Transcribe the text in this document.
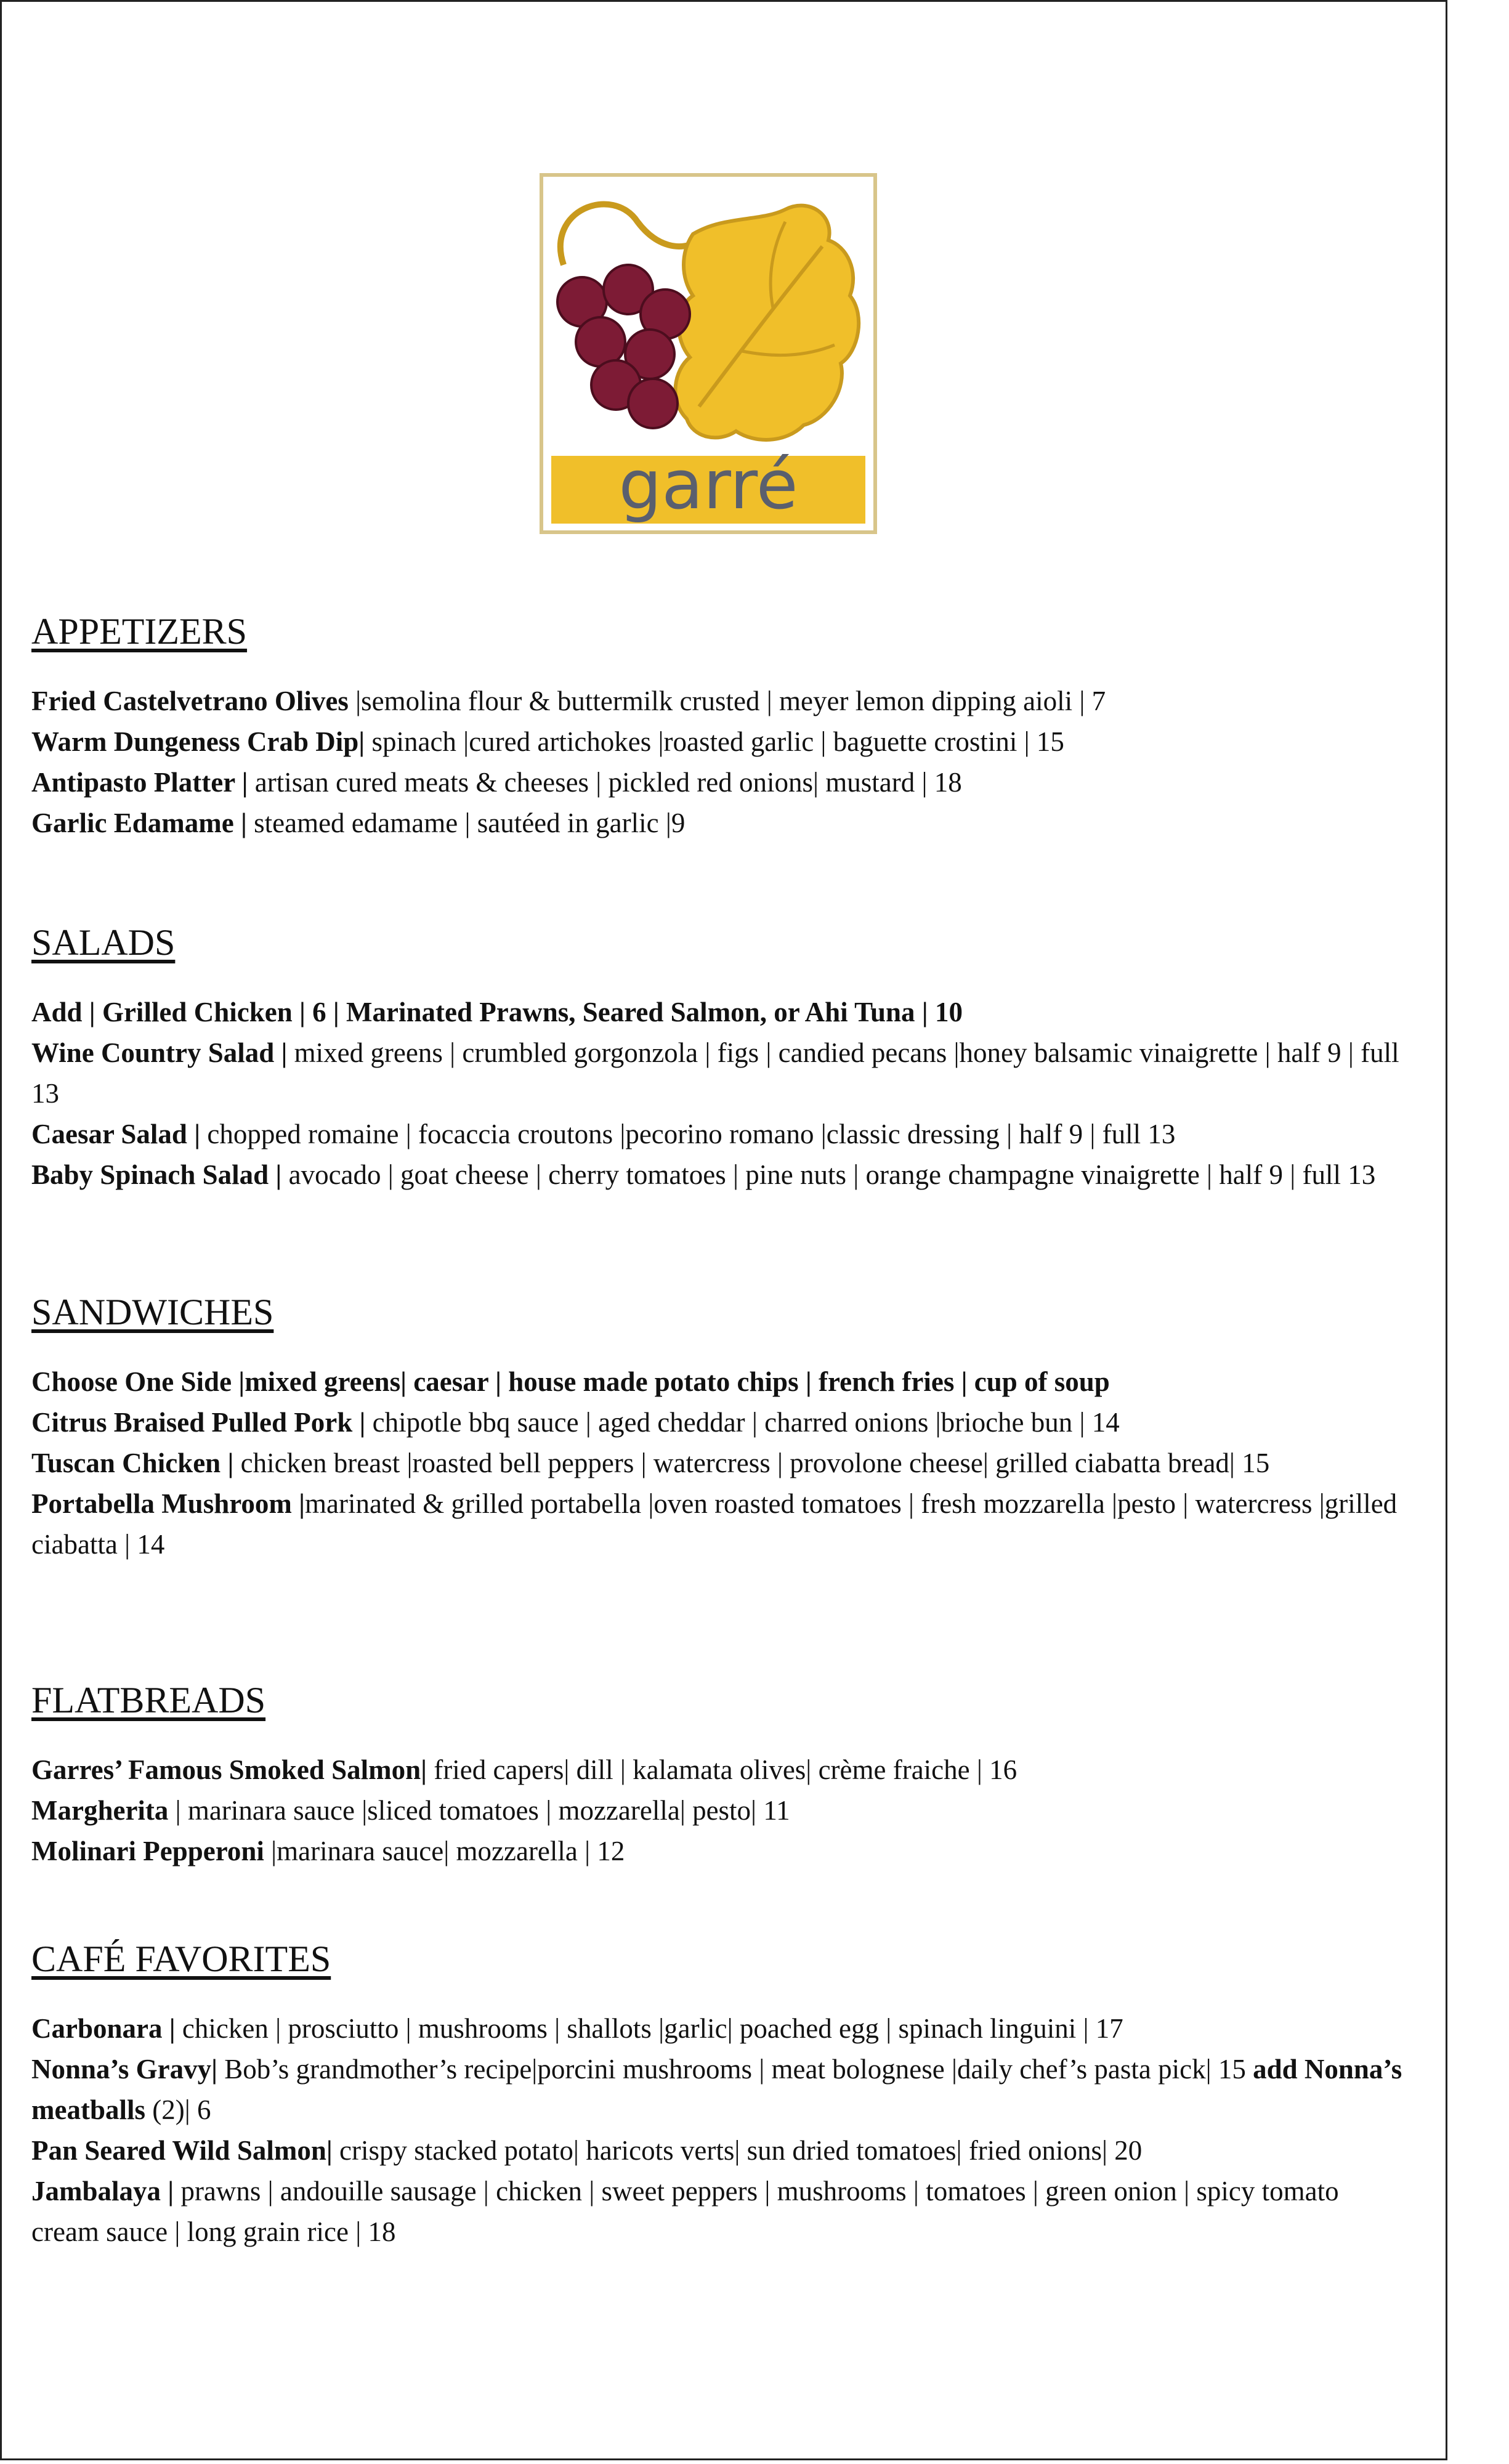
garré
APPETIZERS

Fried Castelvetrano Olives |semolina flour & buttermilk crusted | meyer lemon dipping aioli | 7

Warm Dungeness Crab Dip| spinach |cured artichokes |roasted garlic | baguette crostini | 15

Antipasto Platter | artisan cured meats & cheeses | pickled red onions| mustard | 18

Garlic Edamame | steamed edamame | sautéed in garlic |9

SALADS

Add | Grilled Chicken | 6 | Marinated Prawns, Seared Salmon, or Ahi Tuna | 10

Wine Country Salad | mixed greens | crumbled gorgonzola | figs | candied pecans |honey balsamic vinaigrette | half 9 | full 13

Caesar Salad | chopped romaine | focaccia croutons |pecorino romano |classic dressing | half 9 | full 13

Baby Spinach Salad | avocado | goat cheese | cherry tomatoes | pine nuts | orange champagne vinaigrette | half 9 | full 13

SANDWICHES

Choose One Side |mixed greens| caesar | house made potato chips | french fries | cup of soup

Citrus Braised Pulled Pork | chipotle bbq sauce | aged cheddar | charred onions |brioche bun | 14

Tuscan Chicken | chicken breast |roasted bell peppers | watercress | provolone cheese| grilled ciabatta bread| 15

Portabella Mushroom |marinated & grilled portabella |oven roasted tomatoes | fresh mozzarella |pesto | watercress |grilled ciabatta | 14

FLATBREADS

Garres’ Famous Smoked Salmon| fried capers| dill | kalamata olives| crème fraiche | 16

Margherita | marinara sauce |sliced tomatoes | mozzarella| pesto| 11

Molinari Pepperoni |marinara sauce| mozzarella | 12

CAFÉ FAVORITES

Carbonara | chicken | prosciutto | mushrooms | shallots |garlic| poached egg | spinach linguini | 17

Nonna’s Gravy| Bob’s grandmother’s recipe|porcini mushrooms | meat bolognese |daily chef’s pasta pick| 15 add Nonna’s meatballs (2)| 6

Pan Seared Wild Salmon| crispy stacked potato| haricots verts| sun dried tomatoes| fried onions| 20

Jambalaya | prawns | andouille sausage | chicken | sweet peppers | mushrooms | tomatoes | green onion | spicy tomato cream sauce | long grain rice | 18
